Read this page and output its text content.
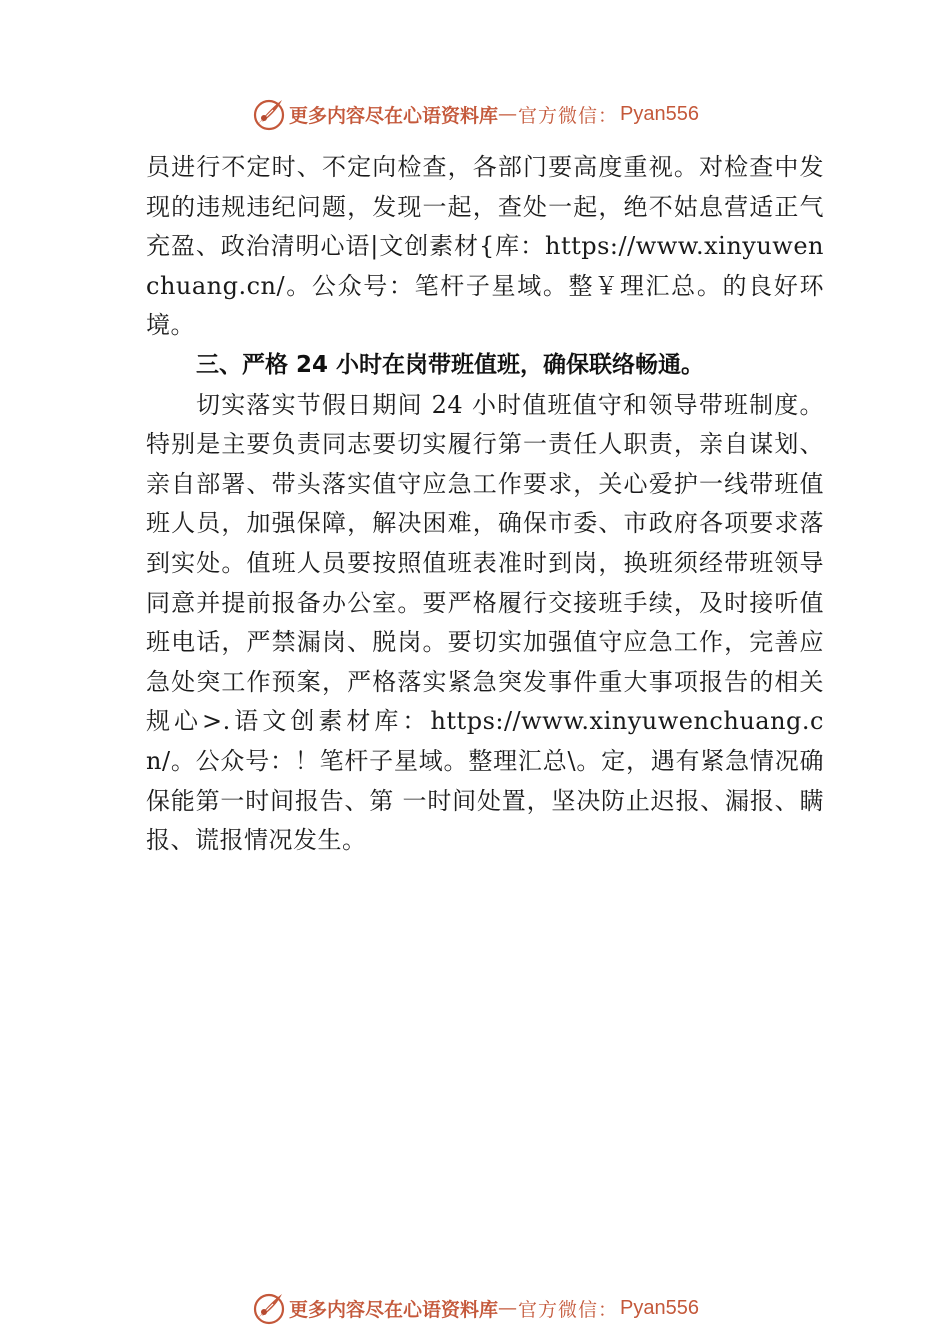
更多内容尽在心语资料库 — 官方微信： Pyan556

员进行不定时、不定向检查，各部门要高度重视。对检查中发现的违规违纪问题，发现一起，查处一起，绝不姑息营适正气充盈、政治清明心语|文创素材{库：https://www.xinyuwenchuang.cn/。公众号：笔杆子星域。整￥理汇总。的良好环境。

三、严格 24 小时在岗带班值班，确保联络畅通。

切实落实节假日期间 24 小时值班值守和领导带班制度。特别是主要负责同志要切实履行第一责任人职责，亲自谋划、亲自部署、带头落实值守应急工作要求，关心爱护一线带班值班人员，加强保障，解决困难，确保市委、市政府各项要求落到实处。值班人员要按照值班表准时到岗，换班须经带班领导同意并提前报备办公室。要严格履行交接班手续，及时接听值班电话，严禁漏岗、脱岗。要切实加强值守应急工作，完善应急处突工作预案，严格落实紧急突发事件重大事项报告的相关规心>.语文创素材库：https://www.xinyuwenchuang.cn/。公众号：！笔杆子星域。整理汇总\。定，遇有紧急情况确保能第一时间报告、第 一时间处置，坚决防止迟报、漏报、瞒报、谎报情况发生。

更多内容尽在心语资料库 — 官方微信： Pyan556
